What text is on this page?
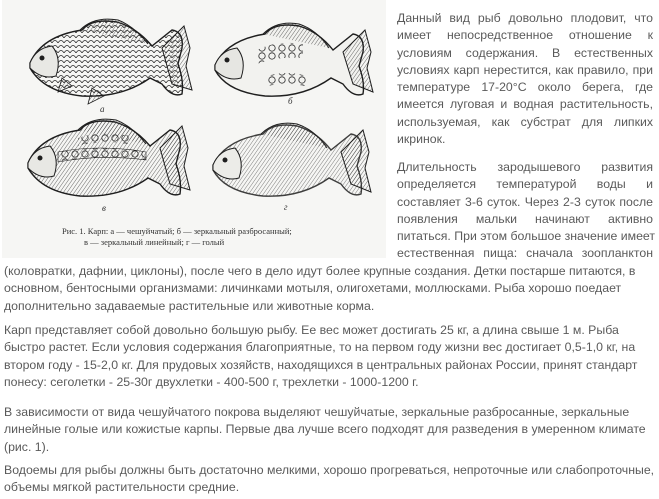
а
б
в	г
Рис. 1. Карп: а — чешуйчатый; б — зеркальный разбросанный;
в — зеркальный линейный; г — голый
Данный вид рыб довольно плодовит, что
имеет непосредственное отношение к
условиям содержания. В естественных
условиях карп нерестится, как правило, при
температуре 17-20°С около берега, где
имеется луговая и водная растительность,
используемая, как субстрат для липких
икринок.
Длительность зародышевого развития
определяется температурой воды и
составляет 3-6 суток. Через 2-3 суток после
появления мальки начинают активно
питаться. При этом большое значение имеет
естественная пища: сначала зоопланктон
(коловратки, дафнии, циклоны), после чего в дело идут более крупные создания. Детки постарше питаются, в
основном, бентосными организмами: личинками мотыля, олигохетами, моллюсками. Рыба хорошо поедает
дополнительно задаваемые растительные или животные корма.
Карп представляет собой довольно большую рыбу. Ее вес может достигать 25 кг, а длина свыше 1 м. Рыба
быстро растет. Если условия содержания благоприятные, то на первом году жизни вес достигает 0,5-1,0 кг, на
втором году - 15-2,0 кг. Для прудовых хозяйств, находящихся в центральных районах России, принят стандарт
понесу: сеголетки - 25-30г двухлетки - 400-500 г, трехлетки - 1000-1200 г.
В зависимости от вида чешуйчатого покрова выделяют чешуйчатые, зеркальные разбросанные, зеркальные
линейные голые или кожистые карпы. Первые два лучше всего подходят для разведения в умеренном климате
(рис. 1).
Водоемы для рыбы должны быть достаточно мелкими, хорошо прогреваться, непроточные или слабопроточные,
объемы мягкой растительности средние.
